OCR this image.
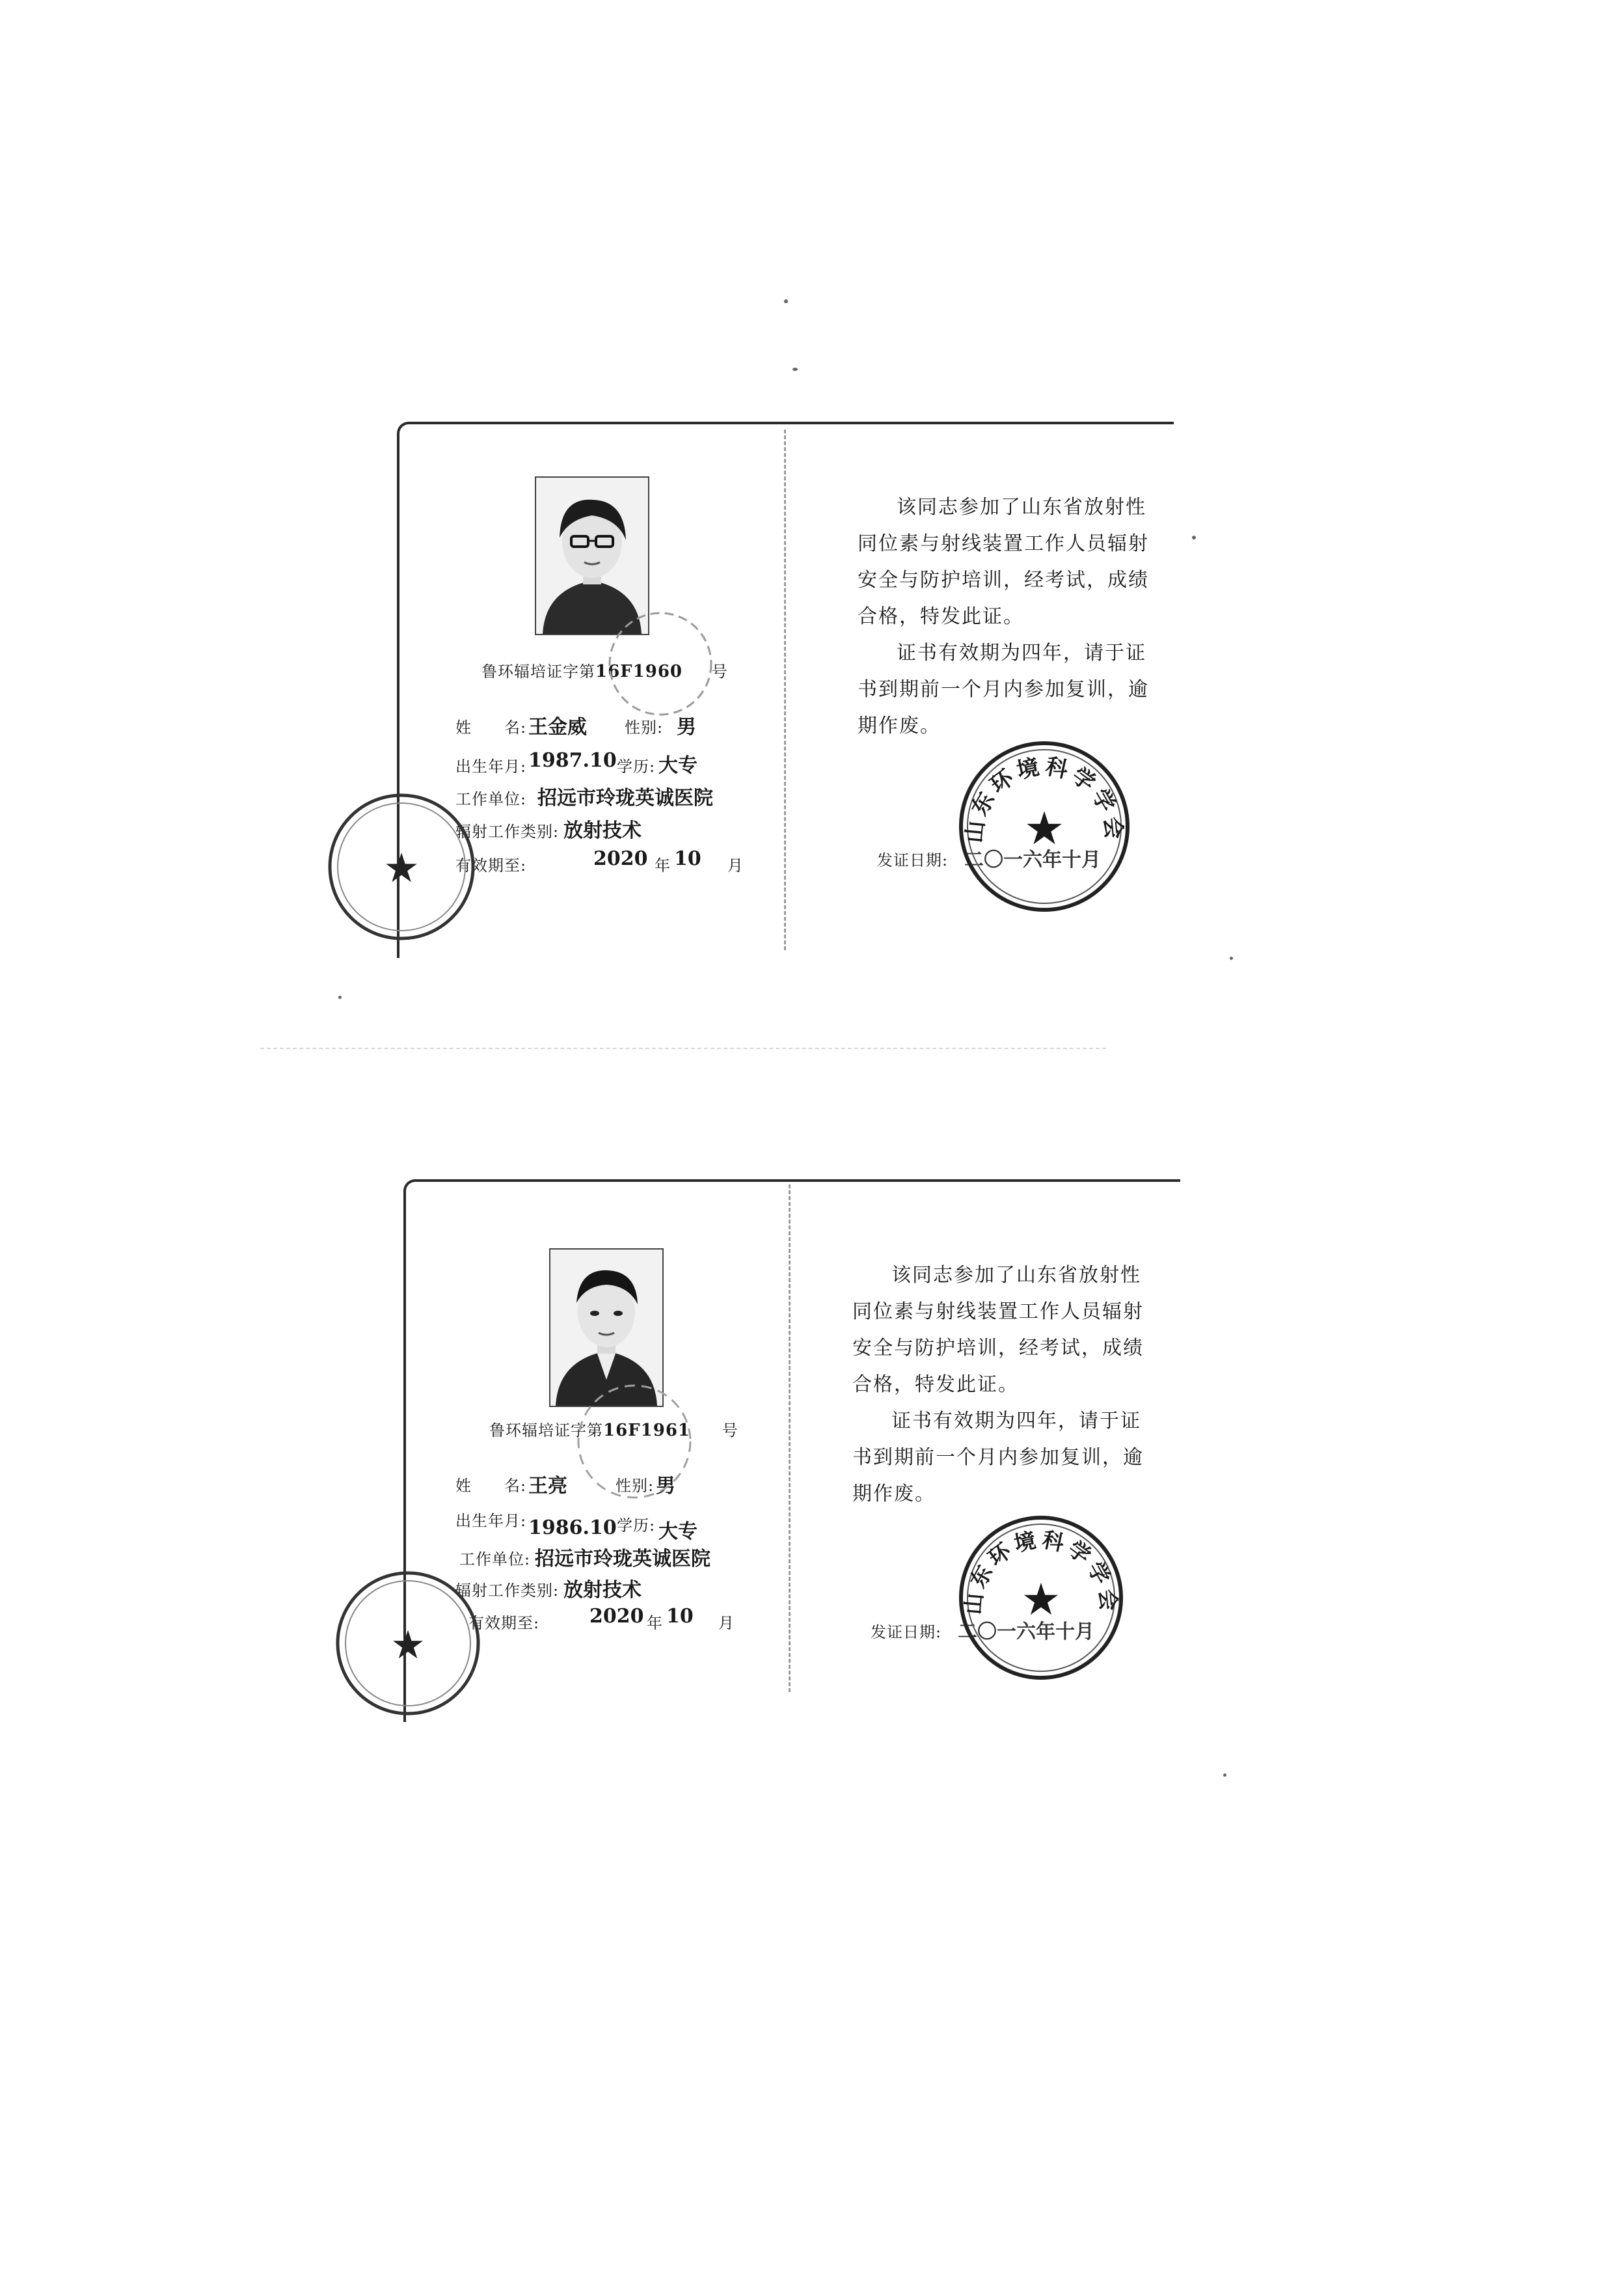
鲁环辐培证字第16F1960 号
姓　　名: 王金威 性别: 男
出生年月: 1987.10 学历: 大专
工作单位: 招远市玲珑英诚医院
辐射工作类别: 放射技术
有效期至:	2020 年 10 月

该同志参加了山东省放射性

同位素与射线装置工作人员辐射

安全与防护培训，经考试，成绩

合格，特发此证。

证书有效期为四年，请于证

书到期前一个月内参加复训，逾

期作废。

发证日期: 二〇一六年十月
山东环境科学学会
★
★
鲁环辐培证字第16F1961 号
姓　　名: 王亮	性别: 男
出生年月: 1986.10 学历: 大专
工作单位: 招远市玲珑英诚医院
辐射工作类别: 放射技术
有效期至:	2020 年 10 月

该同志参加了山东省放射性

同位素与射线装置工作人员辐射

安全与防护培训，经考试，成绩

合格，特发此证。

证书有效期为四年，请于证

书到期前一个月内参加复训，逾

期作废。

发证日期: 二〇一六年十月
山东环境科学学会
★
★
